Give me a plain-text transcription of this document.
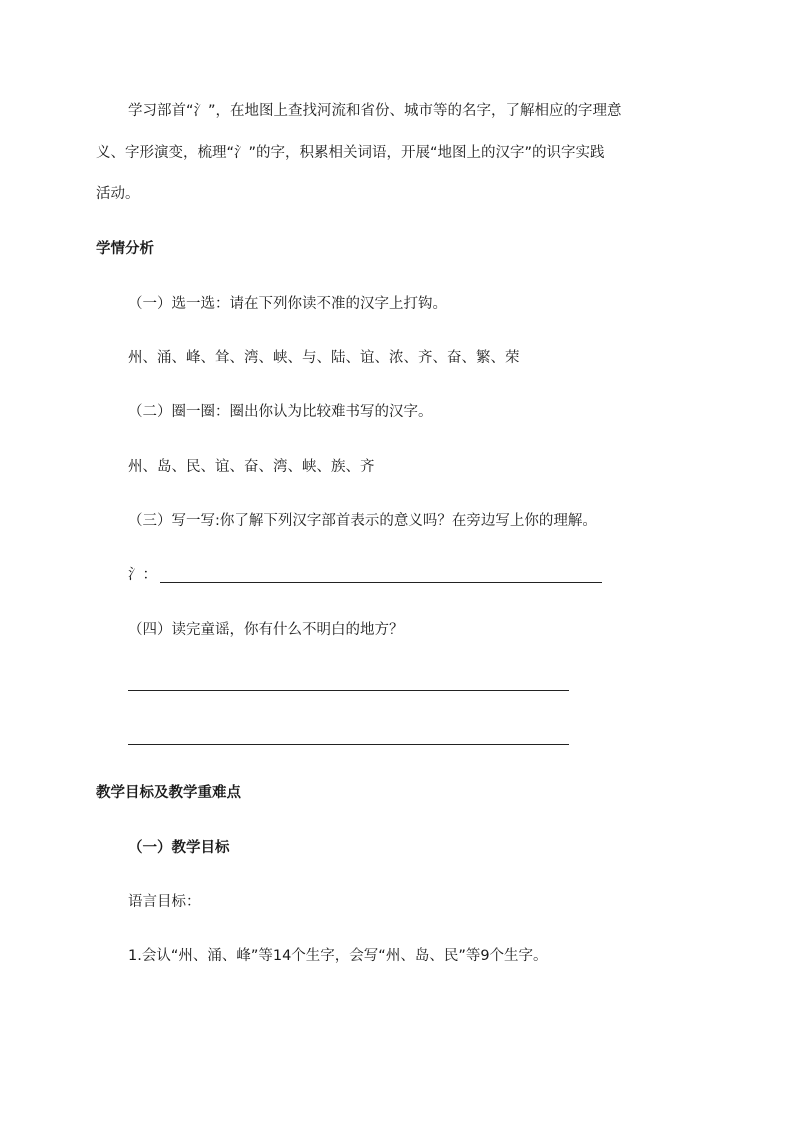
学习部首“氵”，在地图上查找河流和省份、城市等的名字，了解相应的字理意
义、字形演变，梳理“氵”的字，积累相关词语，开展“地图上的汉字”的识字实践
活动。
学情分析
（一）选一选：请在下列你读不准的汉字上打钩。
州、涌、峰、耸、湾、峡、与、陆、谊、浓、齐、奋、繁、荣
（二）圈一圈：圈出你认为比较难书写的汉字。
州、岛、民、谊、奋、湾、峡、族、齐
（三）写一写:你了解下列汉字部首表示的意义吗？在旁边写上你的理解。
氵：
（四）读完童谣，你有什么不明白的地方？
教学目标及教学重难点
（一）教学目标
语言目标：
1.会认“州、涌、峰”等14个生字，会写“州、岛、民”等9个生字。
